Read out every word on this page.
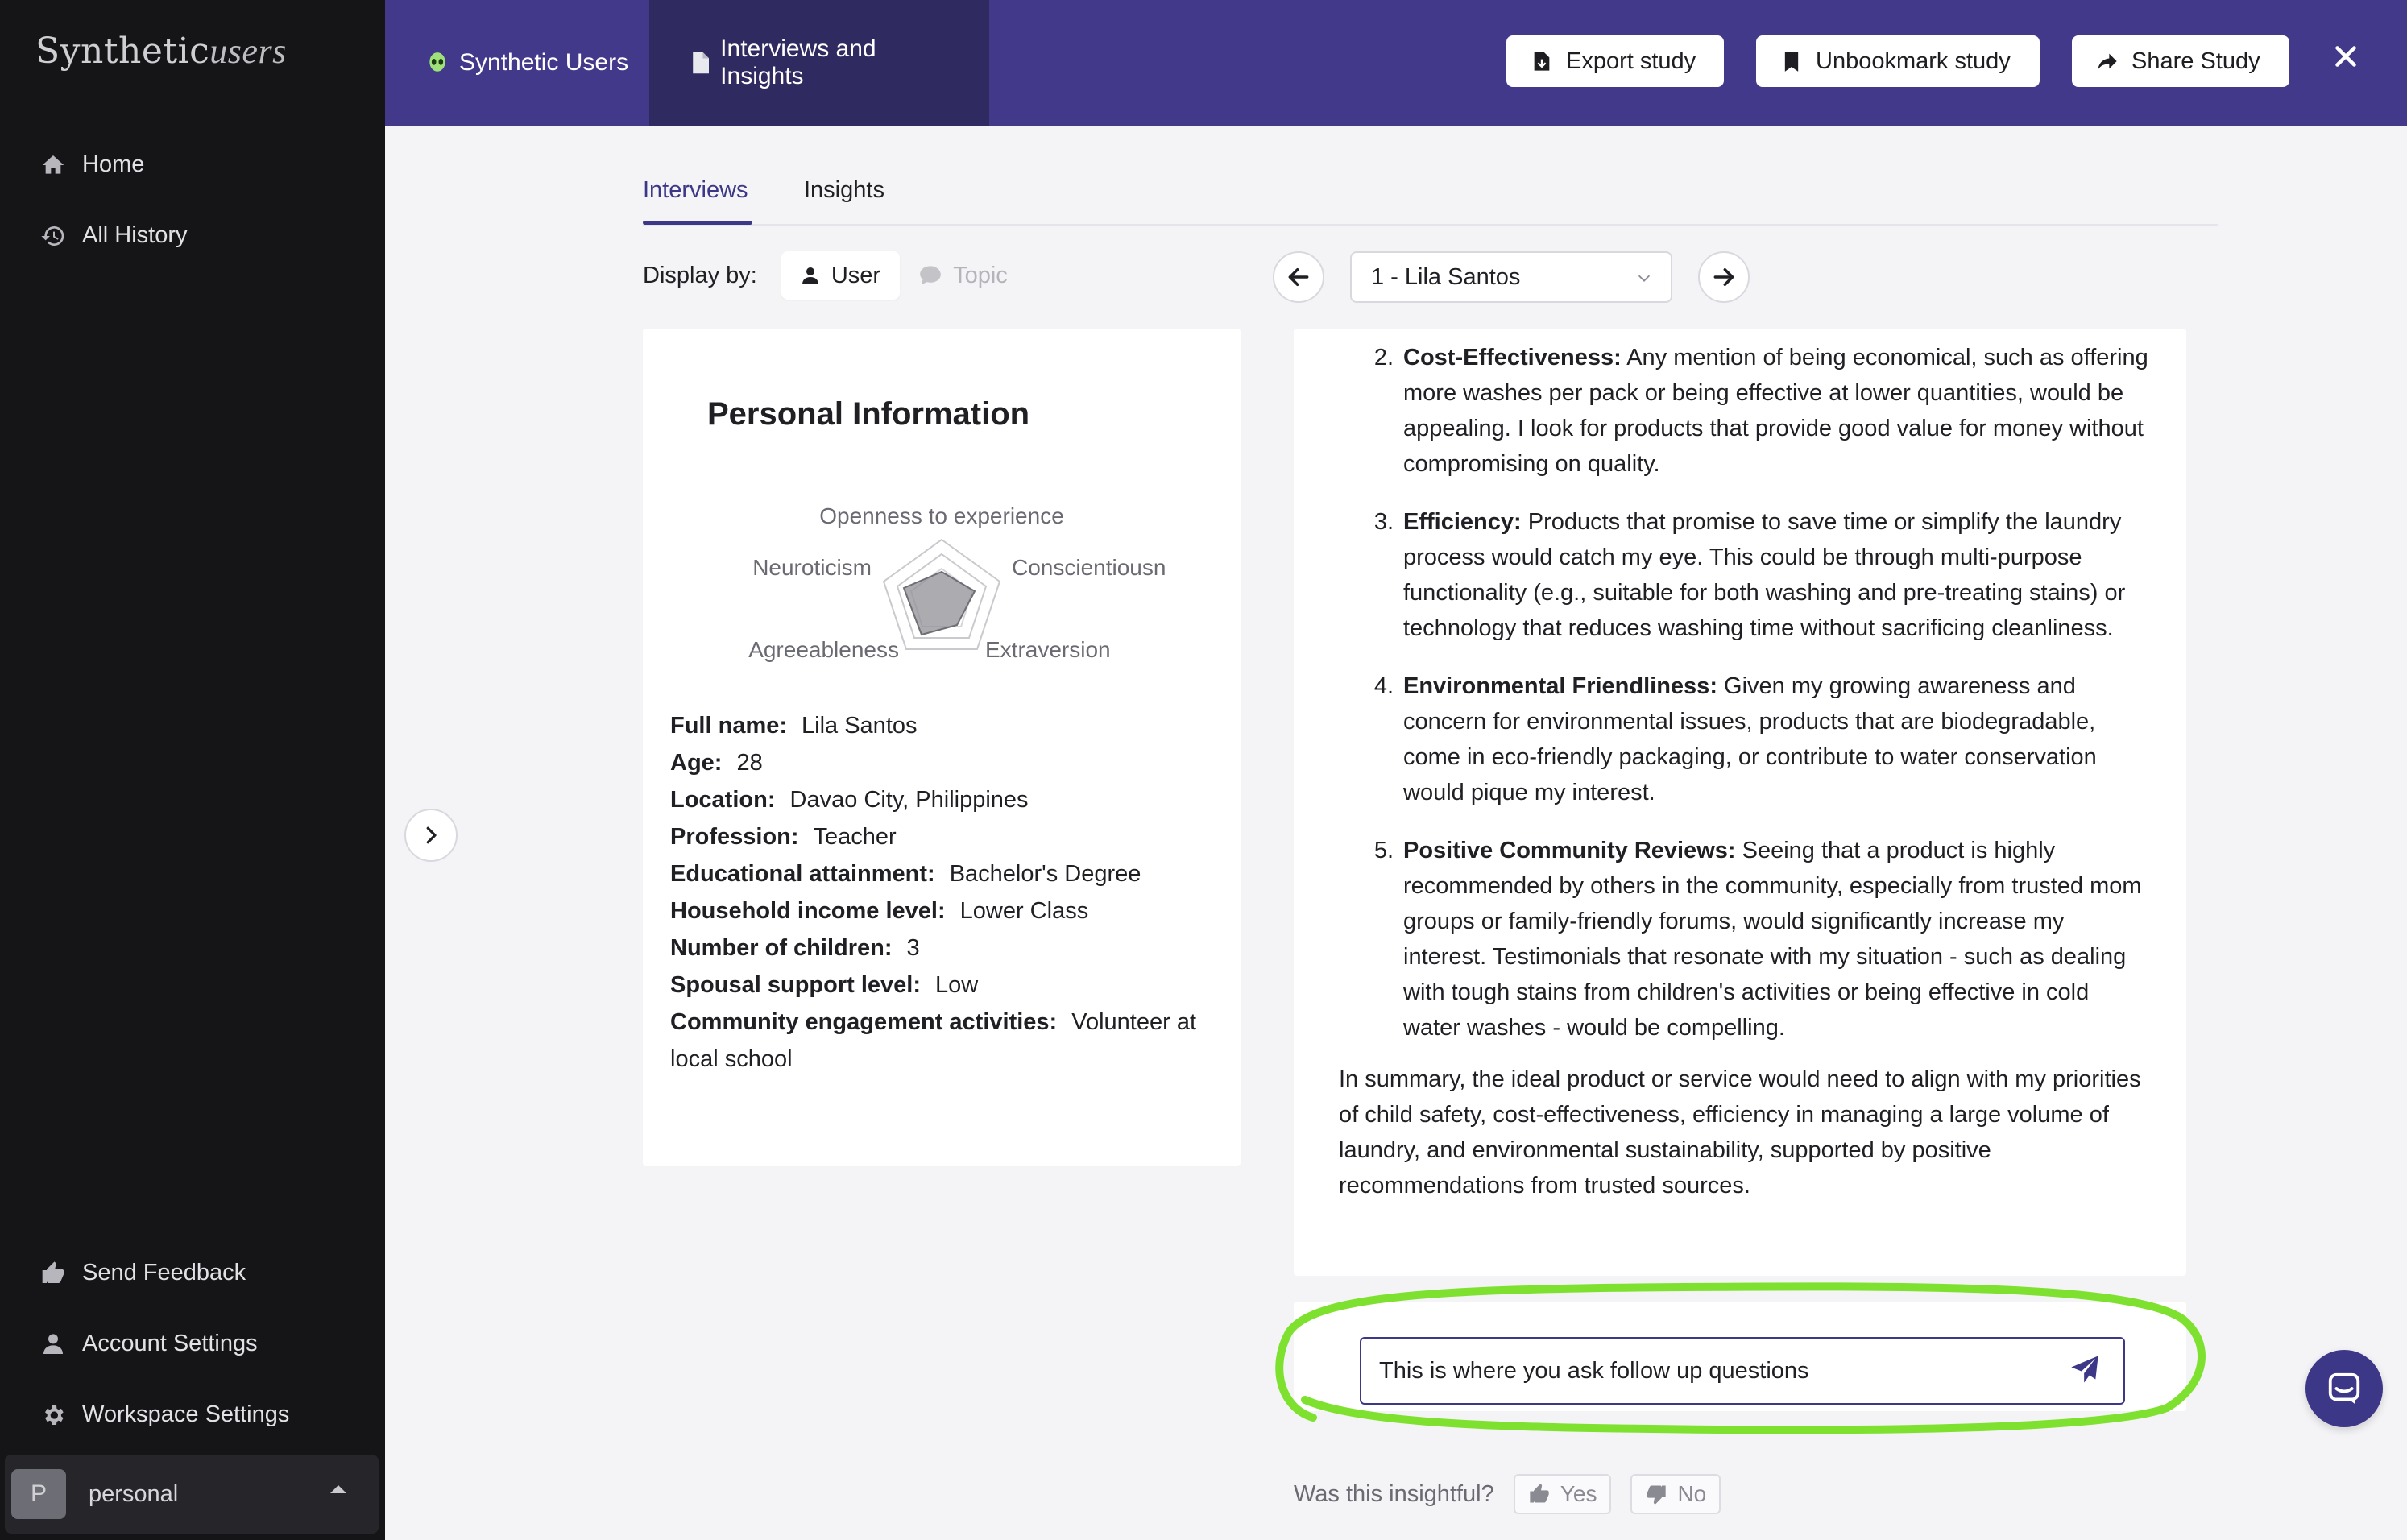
Syntheticusers
Home
All History
Send Feedback
Account Settings
Workspace Settings
P	personal
Synthetic Users
Interviews and Insights
Export study	Unbookmark study	Share Study
Interviews Insights
Display by:	User	Topic	1 - Lila Santos
Personal Information
Openness to experience
Conscientiousn
Extraversion
Agreeableness
Neuroticism
Full name: Lila Santos
Age: 28
Location: Davao City, Philippines
Profession: Teacher
Educational attainment: Bachelor's Degree
Household income level: Lower Class
Number of children: 3
Spousal support level: Low
Community engagement activities: Volunteer at local school
2. Cost-Effectiveness: Any mention of being economical, such as offering more washes per pack or being effective at lower quantities, would be appealing. I look for products that provide good value for money without compromising on quality.
3. Efficiency: Products that promise to save time or simplify the laundry process would catch my eye. This could be through multi-purpose functionality (e.g., suitable for both washing and pre-treating stains) or technology that reduces washing time without sacrificing cleanliness.
4. Environmental Friendliness: Given my growing awareness and concern for environmental issues, products that are biodegradable, come in eco-friendly packaging, or contribute to water conservation would pique my interest.
5. Positive Community Reviews: Seeing that a product is highly recommended by others in the community, especially from trusted mom groups or family-friendly forums, would significantly increase my interest. Testimonials that resonate with my situation - such as dealing with tough stains from children's activities or being effective in cold water washes - would be compelling.
In summary, the ideal product or service would need to align with my priorities of child safety, cost-effectiveness, efficiency in managing a large volume of laundry, and environmental sustainability, supported by positive recommendations from trusted sources.
This is where you ask follow up questions
Was this insightful?	Yes	No
